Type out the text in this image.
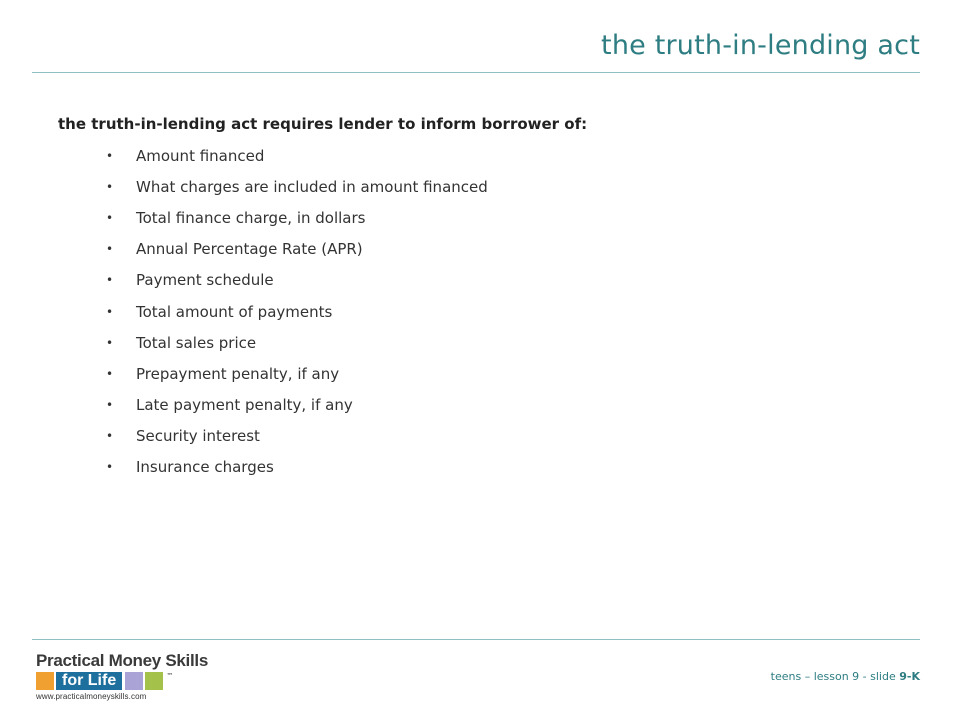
the truth-in-lending act
the truth-in-lending act requires lender to inform borrower of:
•	Amount financed
•	What charges are included in amount financed
•	Total finance charge, in dollars
•	Annual Percentage Rate (APR)
•	Payment schedule
•	Total amount of payments
•	Total sales price
•	Prepayment penalty, if any
•	Late payment penalty, if any
•	Security interest
•	Insurance charges
Practical Money Skills
for Life	™
www.practicalmoneyskills.com
teens – lesson 9 - slide 9-K
